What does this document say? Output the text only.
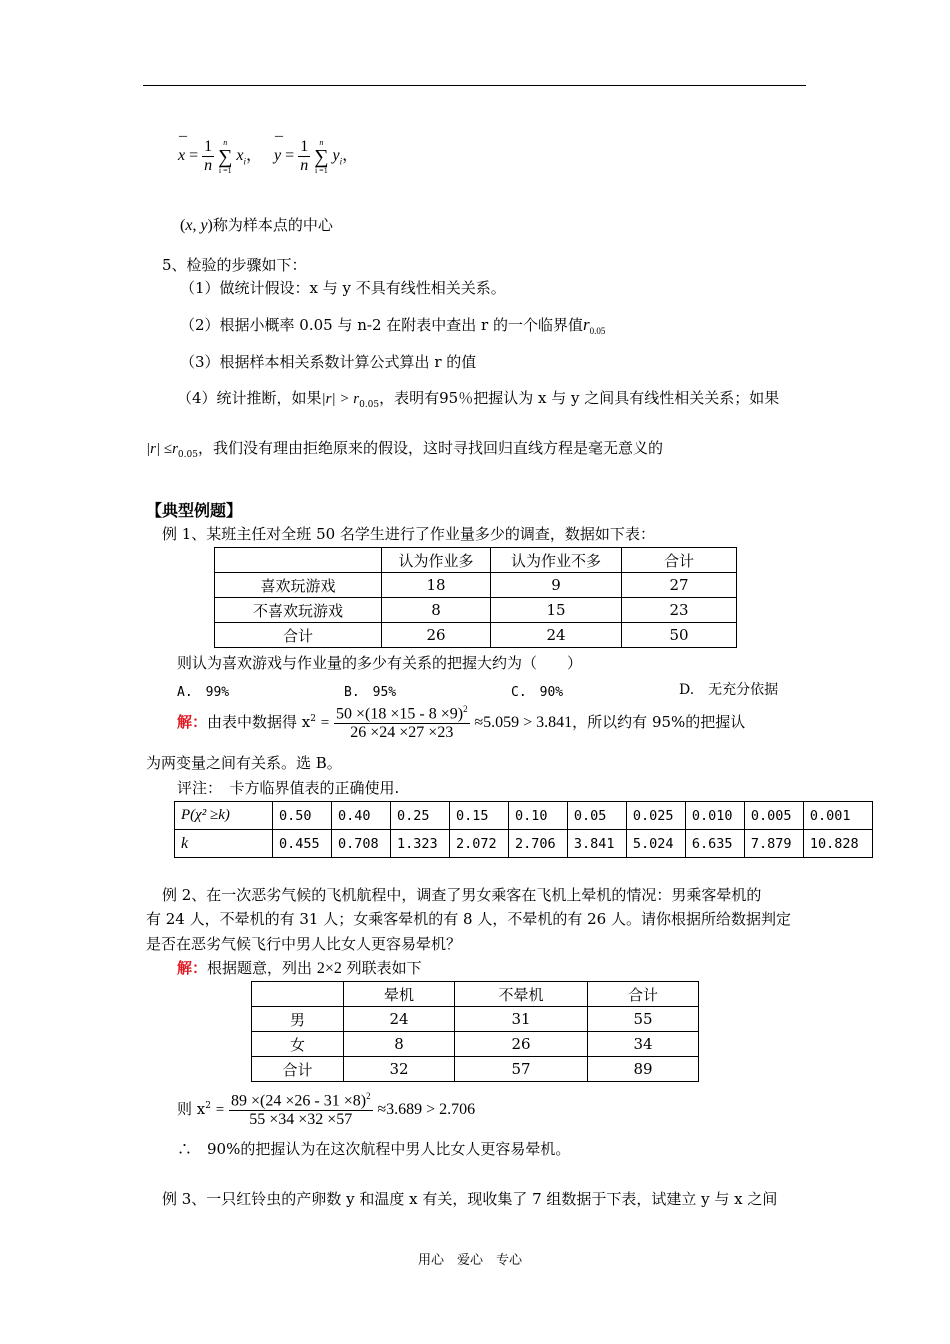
x
¯
= $\frac{1}{n}$
	n
∑
i =1
$x_i$， y
¯
= $\frac{1}{n}$
	n
∑
i =1
$y_i$，
(x, y)称为样本点的中心
5、检验的步骤如下：
（1）做统计假设：x 与 y 不具有线性相关关系。
（2）根据小概率 0.05 与 n-2 在附表中查出 r 的一个临界值$r_{0.05}$
（3）根据样本相关系数计算公式算出 r 的值
（4）统计推断，如果$|r| > r_{0.05}$，表明有95％把握认为 x 与 y 之间具有线性相关关系；如果
$|r| \le r_{0.05}$，我们没有理由拒绝原来的假设，这时寻找回归直线方程是毫无意义的
【典型例题】
例 1、某班主任对全班 50 名学生进行了作业量多少的调查，数据如下表：
	认为作业多	认为作业不多	合计
喜欢玩游戏	18	9	27
不喜欢玩游戏	8	15	23
合计	26	24	50
则认为喜欢游戏与作业量的多少有关系的把握大约为（　　）
A.　99%	B.　95%	C.　90%	D.　无充分依据
解：由表中数据得 $x^2 = \frac{50 \times(18 \times 15 - 8 \times 9)^2}{26 \times 24 \times 27 \times 23} \approx 5.059 > 3.841$，所以约有 95%的把握认
为两变量之间有关系。选 B。
评注：　卡方临界值表的正确使用.
P(χ² ≥k)	0.50	0.40	0.25	0.15	0.10	0.05	0.025	0.010	0.005	0.001
k	0.455	0.708	1.323	2.072	2.706	3.841	5.024	6.635	7.879	10.828
例 2、在一次恶劣气候的飞机航程中，调查了男女乘客在飞机上晕机的情况：男乘客晕机的
有 24 人，不晕机的有 31 人；女乘客晕机的有 8 人，不晕机的有 26 人。请你根据所给数据判定
是否在恶劣气候飞行中男人比女人更容易晕机？
解：根据题意，列出 2×2 列联表如下
	晕机	不晕机	合计
男	24	31	55
女	8	26	34
合计	32	57	89
则 $x^2 = \frac{89 \times(24 \times 26 - 31 \times 8)^2}{55 \times 34 \times 32 \times 57} \approx 3.689 > 2.706$
∴　90%的把握认为在这次航程中男人比女人更容易晕机。
例 3、一只红铃虫的产卵数 y 和温度 x 有关，现收集了 7 组数据于下表，试建立 y 与 x 之间
用心　爱心　专心
